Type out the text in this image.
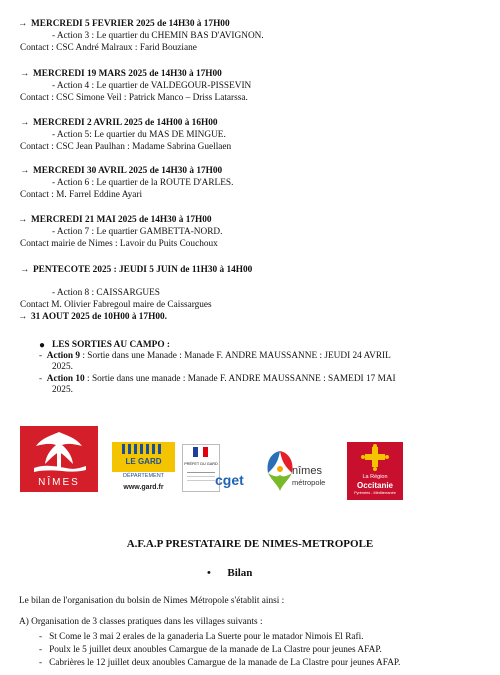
→ MERCREDI 5 FEVRIER 2025 de 14H30 à 17H00
- Action 3 : Le quartier du CHEMIN BAS D'AVIGNON.
Contact : CSC André Malraux : Farid Bouziane
→ MERCREDI 19 MARS 2025 de 14H30 à 17H00
- Action 4 : Le quartier de VALDEGOUR-PISSEVIN
Contact : CSC Simone Veil : Patrick Manco – Driss Latarssa.
→ MERCREDI 2 AVRIL 2025 de 14H00 à 16H00
- Action 5: Le quartier du MAS DE MINGUE.
Contact : CSC Jean Paulhan : Madame Sabrina Guellaen
→ MERCREDI 30 AVRIL 2025 de 14H30 à 17H00
- Action 6 : Le quartier de la ROUTE D'ARLES.
Contact : M. Farrel Eddine Ayari
→ MERCREDI 21 MAI 2025 de 14H30 à 17H00
- Action 7 : Le quartier GAMBETTA-NORD.
Contact mairie de Nimes : Lavoir du Puits Couchoux
→ PENTECOTE 2025 : JEUDI 5 JUIN de 11H30 à 14H00
- Action 8 : CAISSARGUES
Contact M. Olivier Fabregoul maire de Caissargues
→ 31 AOUT 2025 de 10H00 à 17H00.
● LES SORTIES AU CAMPO :
-  Action 9 : Sortie dans une Manade : Manade F. ANDRE MAUSSANNE : JEUDI 24 AVRIL
2025.
-  Action 10 : Sortie dans une manade : Manade F. ANDRE MAUSSANNE : SAMEDI 17 MAI
2025.
NÎMES
LE GARD
DÉPARTEMENT
www.gard.fr
PRÉFET DU GARD
cget
nîmes
métropole
La Région
Occitanie
Pyrénées - Méditerranée
A.F.A.P PRESTATAIRE DE NIMES-METROPOLE
•      Bilan
Le bilan de l'organisation du bolsin de Nimes Métropole s'établit ainsi :
A) Organisation de 3 classes pratiques dans les villages suivants :
-   St Come le 3 mai 2 erales de la ganaderia La Suerte pour le matador Nimois El Rafi.
-   Poulx le 5 juillet deux anoubles Camargue de la manade de La Clastre pour jeunes AFAP.
-   Cabrières le 12 juillet deux anoubles Camargue de la manade de La Clastre pour jeunes AFAP.
